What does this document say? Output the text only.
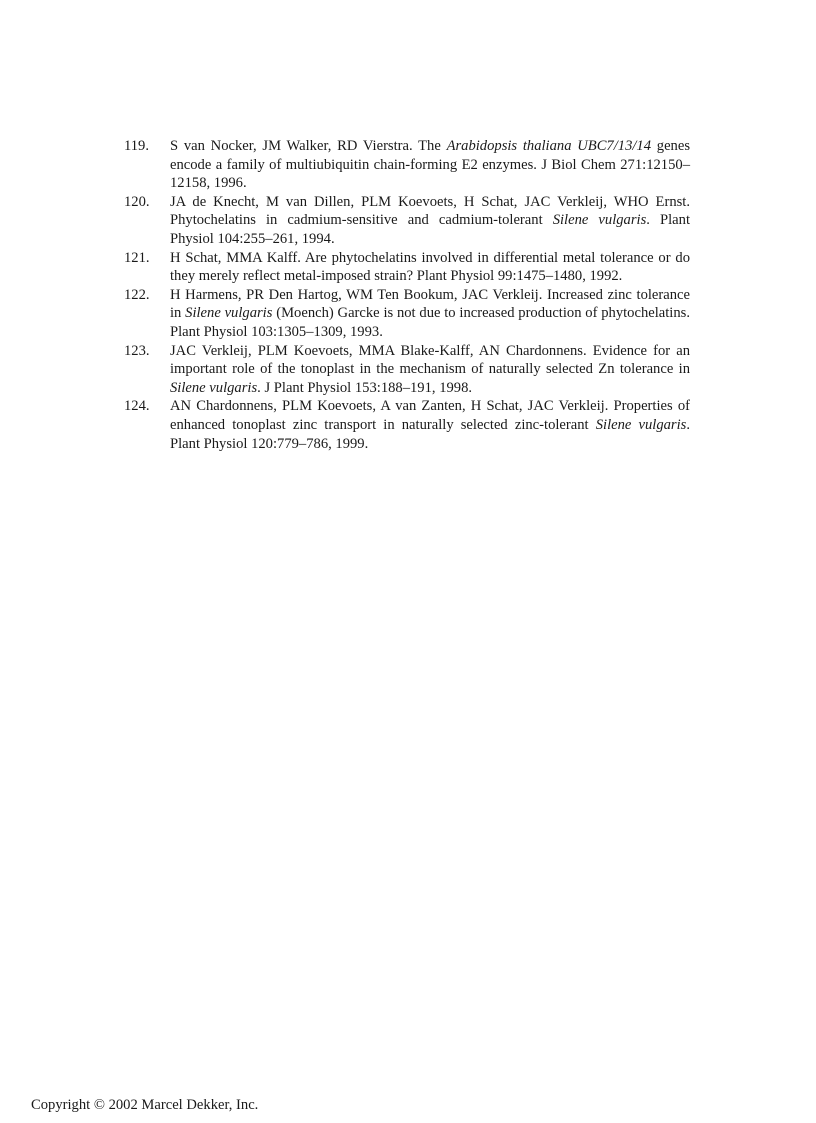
119. S van Nocker, JM Walker, RD Vierstra. The Arabidopsis thaliana UBC7/13/14 genes encode a family of multiubiquitin chain-forming E2 enzymes. J Biol Chem 271:12150–12158, 1996.
120. JA de Knecht, M van Dillen, PLM Koevoets, H Schat, JAC Verkleij, WHO Ernst. Phytochelatins in cadmium-sensitive and cadmium-tolerant Silene vulgaris. Plant Physiol 104:255–261, 1994.
121. H Schat, MMA Kalff. Are phytochelatins involved in differential metal tolerance or do they merely reflect metal-imposed strain? Plant Physiol 99:1475–1480, 1992.
122. H Harmens, PR Den Hartog, WM Ten Bookum, JAC Verkleij. Increased zinc tolerance in Silene vulgaris (Moench) Garcke is not due to increased production of phytochelatins. Plant Physiol 103:1305–1309, 1993.
123. JAC Verkleij, PLM Koevoets, MMA Blake-Kalff, AN Chardonnens. Evidence for an important role of the tonoplast in the mechanism of naturally selected Zn tolerance in Silene vulgaris. J Plant Physiol 153:188–191, 1998.
124. AN Chardonnens, PLM Koevoets, A van Zanten, H Schat, JAC Verkleij. Properties of enhanced tonoplast zinc transport in naturally selected zinc-tolerant Silene vulgaris. Plant Physiol 120:779–786, 1999.
Copyright © 2002 Marcel Dekker, Inc.
